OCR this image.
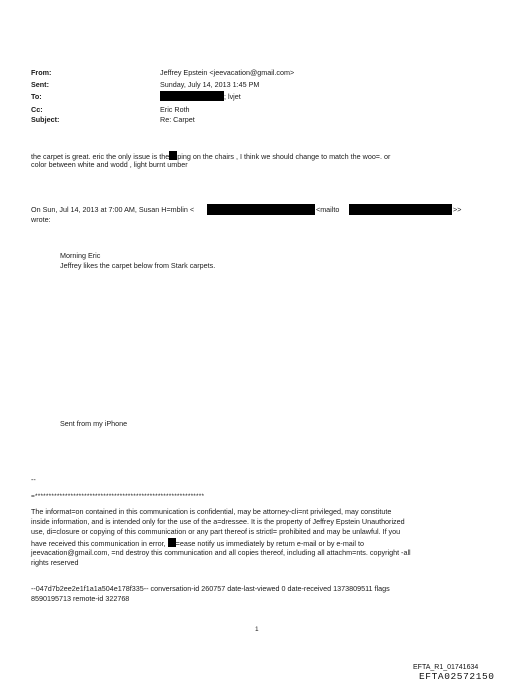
From:
Sent:
To:
Cc:
Subject:
Jeffrey Epstein <jeevacation@gmail.com>
Sunday, July 14, 2013 1:45 PM
; lvjet
Eric Roth
Re: Carpet
the carpet is great. eric the only issue is the ping on the chairs , I think we should change to match the woo=. or
color between white and wodd , light burnt umber
On Sun, Jul 14, 2013 at 7:00 AM, Susan H=mblin <	<mailto	>>
wrote:
Morning Eric
Jeffrey likes the carpet below from Stark carpets.
Sent from my iPhone
--
=**************************************************************
The informat=on contained in this communication is confidential, may be attorney-cli=nt privileged, may constitute
inside information, and is intended only for the use of the a=dressee. It is the property of Jeffrey Epstein Unauthorized
use, di=closure or copying of this communication or any part thereof is strictl= prohibited and may be unlawful. If you
have received this communication in error, =ease notify us immediately by return e-mail or by e-mail to
jeevacation@gmail.com, =nd destroy this communication and all copies thereof, including all attachm=nts. copyright -all
rights reserved
--047d7b2ee2e1f1a1a504e178f335-- conversation-id 260757 date-last-viewed 0 date-received 1373809511 flags
8590195713 remote-id 322768
1
EFTA_R1_01741634
EFTA02572150
